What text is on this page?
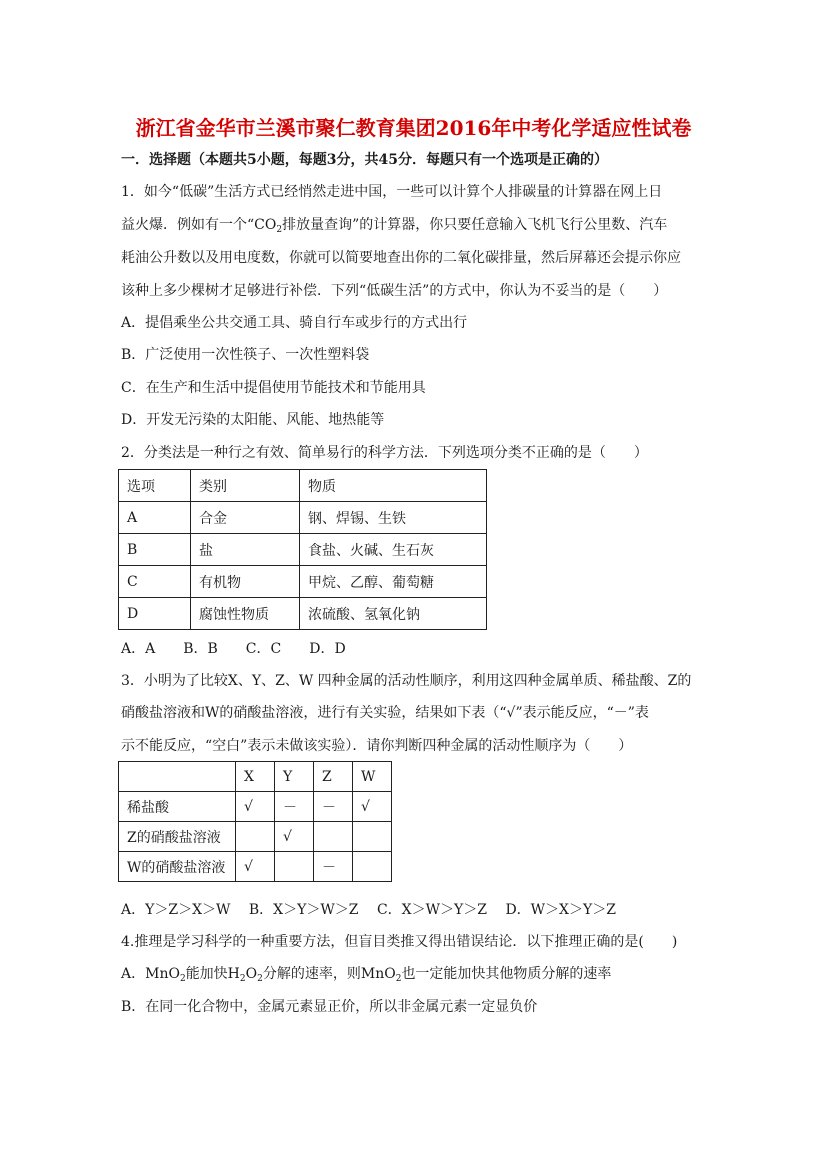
浙江省金华市兰溪市聚仁教育集团2016年中考化学适应性试卷
一．选择题（本题共5小题，每题3分，共45分．每题只有一个选项是正确的）
1．如今“低碳”生活方式已经悄然走进中国，一些可以计算个人排碳量的计算器在网上日
益火爆．例如有一个“$CO_2$排放量查询”的计算器，你只要任意输入飞机飞行公里数、汽车
耗油公升数以及用电度数，你就可以简要地查出你的二氧化碳排量，然后屏幕还会提示你应
该种上多少棵树才足够进行补偿．下列“低碳生活”的方式中，你认为不妥当的是（　　）
A．提倡乘坐公共交通工具、骑自行车或步行的方式出行
B．广泛使用一次性筷子、一次性塑料袋
C．在生产和生活中提倡使用节能技术和节能用具
D．开发无污染的太阳能、风能、地热能等
2．分类法是一种行之有效、简单易行的科学方法．下列选项分类不正确的是（　　）
选项	类别	物质
A	合金	钢、焊锡、生铁
B	盐	食盐、火碱、生石灰
C	有机物	甲烷、乙醇、葡萄糖
D	腐蚀性物质	浓硫酸、氢氧化钠
A．A　　B．B　　C．C　　D．D
3．小明为了比较X、Y、Z、W 四种金属的活动性顺序，利用这四种金属单质、稀盐酸、Z的
硝酸盐溶液和W的硝酸盐溶液，进行有关实验，结果如下表（“√”表示能反应，“－”表
示不能反应，“空白”表示未做该实验）．请你判断四种金属的活动性顺序为（　　）
	X	Y	Z	W
稀盐酸	√	－	－	√
Z的硝酸盐溶液		√		
W的硝酸盐溶液	√		－	
A．Y＞Z＞X＞W　 B．X＞Y＞W＞Z　 C．X＞W＞Y＞Z　 D．W＞X＞Y＞Z
4.推理是学习科学的一种重要方法，但盲目类推又得出错误结论．以下推理正确的是(　　)
A．MnO$_2$能加快$H_2O_2$分解的速率，则MnO$_2$也一定能加快其他物质分解的速率
B．在同一化合物中，金属元素显正价，所以非金属元素一定显负价
